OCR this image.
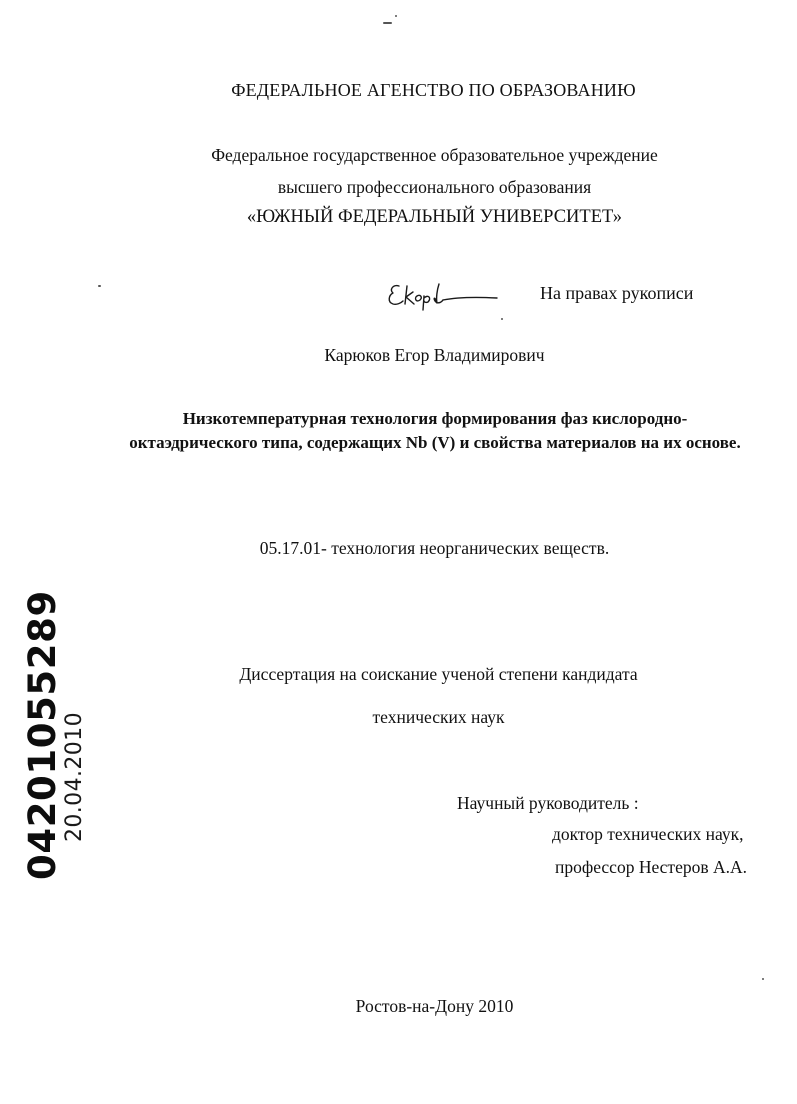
ФЕДЕРАЛЬНОЕ АГЕНСТВО ПО ОБРАЗОВАНИЮ
Федеральное государственное образовательное учреждение
высшего профессионального образования
«ЮЖНЫЙ ФЕДЕРАЛЬНЫЙ УНИВЕРСИТЕТ»
На правах рукописи
Карюков Егор Владимирович
Низкотемпературная технология формирования фаз кислородно-октаэдрического типа, содержащих Nb (V) и свойства материалов на их основе.
05.17.01- технология неорганических веществ.
Диссертация на соискание ученой степени кандидата
технических наук
Научный руководитель :
доктор технических наук,
профессор Нестеров А.А.
Ростов-на-Дону 2010
04201055289
20.04.2010
